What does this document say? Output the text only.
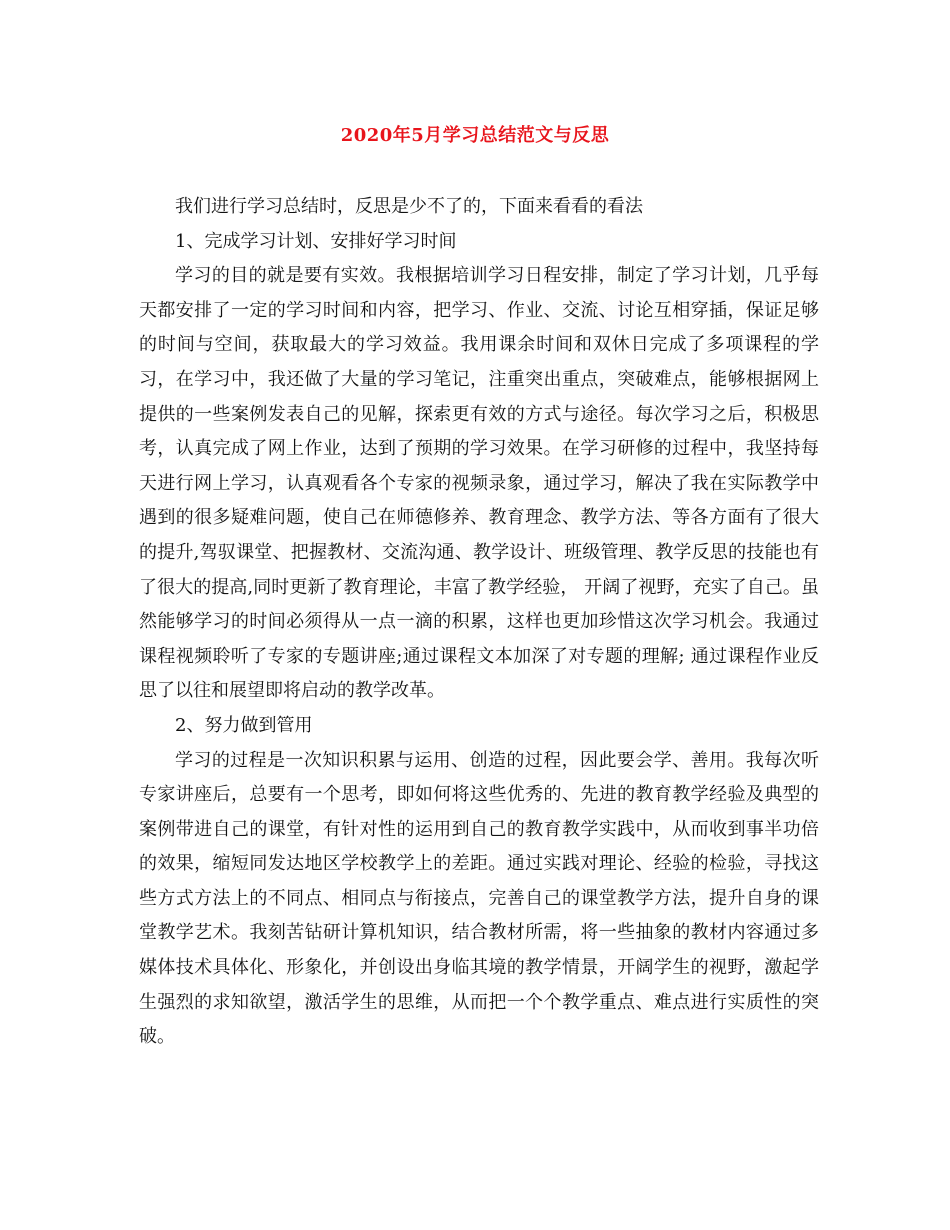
2020年5月学习总结范文与反思

我们进行学习总结时，反思是少不了的，下面来看看的看法

1、完成学习计划、安排好学习时间

学习的目的就是要有实效。我根据培训学习日程安排，制定了学习计划，几乎每天都安排了一定的学习时间和内容，把学习、作业、交流、讨论互相穿插，保证足够的时间与空间，获取最大的学习效益。我用课余时间和双休日完成了多项课程的学习，在学习中，我还做了大量的学习笔记，注重突出重点，突破难点，能够根据网上提供的一些案例发表自己的见解，探索更有效的方式与途径。每次学习之后，积极思考，认真完成了网上作业，达到了预期的学习效果。在学习研修的过程中，我坚持每天进行网上学习，认真观看各个专家的视频录象，通过学习，解决了我在实际教学中遇到的很多疑难问题，使自己在师德修养、教育理念、教学方法、等各方面有了很大的提升,驾驭课堂、把握教材、交流沟通、教学设计、班级管理、教学反思的技能也有了很大的提高,同时更新了教育理论，丰富了教学经验， 开阔了视野，充实了自己。虽然能够学习的时间必须得从一点一滴的积累，这样也更加珍惜这次学习机会。我通过课程视频聆听了专家的专题讲座;通过课程文本加深了对专题的理解; 通过课程作业反思了以往和展望即将启动的教学改革。

2、努力做到管用

学习的过程是一次知识积累与运用、创造的过程，因此要会学、善用。我每次听专家讲座后，总要有一个思考，即如何将这些优秀的、先进的教育教学经验及典型的案例带进自己的课堂，有针对性的运用到自己的教育教学实践中，从而收到事半功倍的效果，缩短同发达地区学校教学上的差距。通过实践对理论、经验的检验，寻找这些方式方法上的不同点、相同点与衔接点，完善自己的课堂教学方法，提升自身的课堂教学艺术。我刻苦钻研计算机知识，结合教材所需，将一些抽象的教材内容通过多媒体技术具体化、形象化，并创设出身临其境的教学情景，开阔学生的视野，激起学生强烈的求知欲望，激活学生的思维，从而把一个个教学重点、难点进行实质性的突破。
